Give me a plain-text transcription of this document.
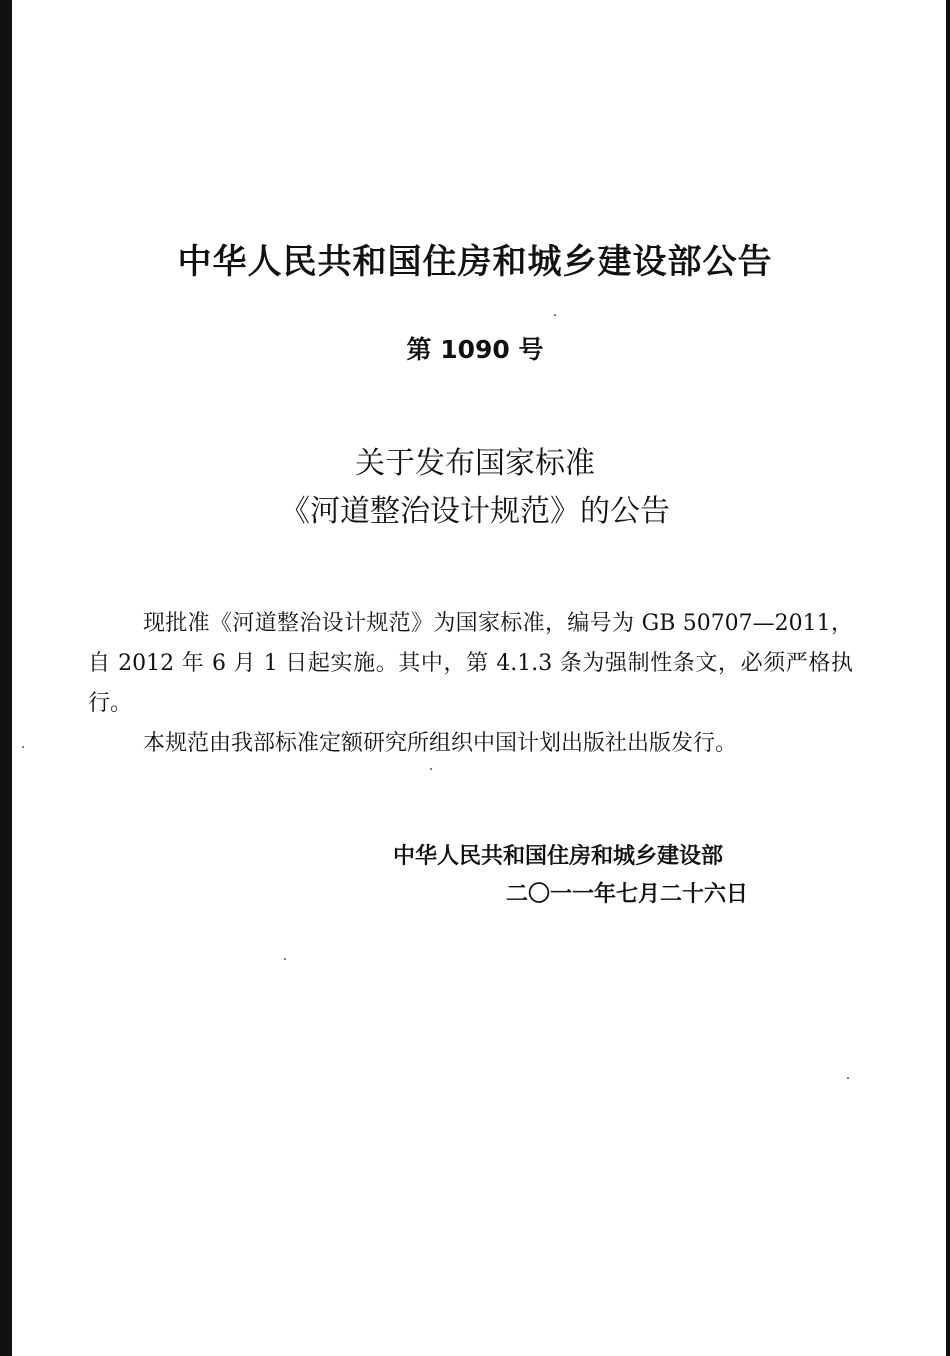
中华人民共和国住房和城乡建设部公告
第 1090 号
关于发布国家标准
《河道整治设计规范》的公告
现批准《河道整治设计规范》为国家标准，编号为 GB 50707—2011，自 2012 年 6 月 1 日起实施。其中，第 4.1.3 条为强制性条文，必须严格执行。
本规范由我部标准定额研究所组织中国计划出版社出版发行。
中华人民共和国住房和城乡建设部
二〇一一年七月二十六日
